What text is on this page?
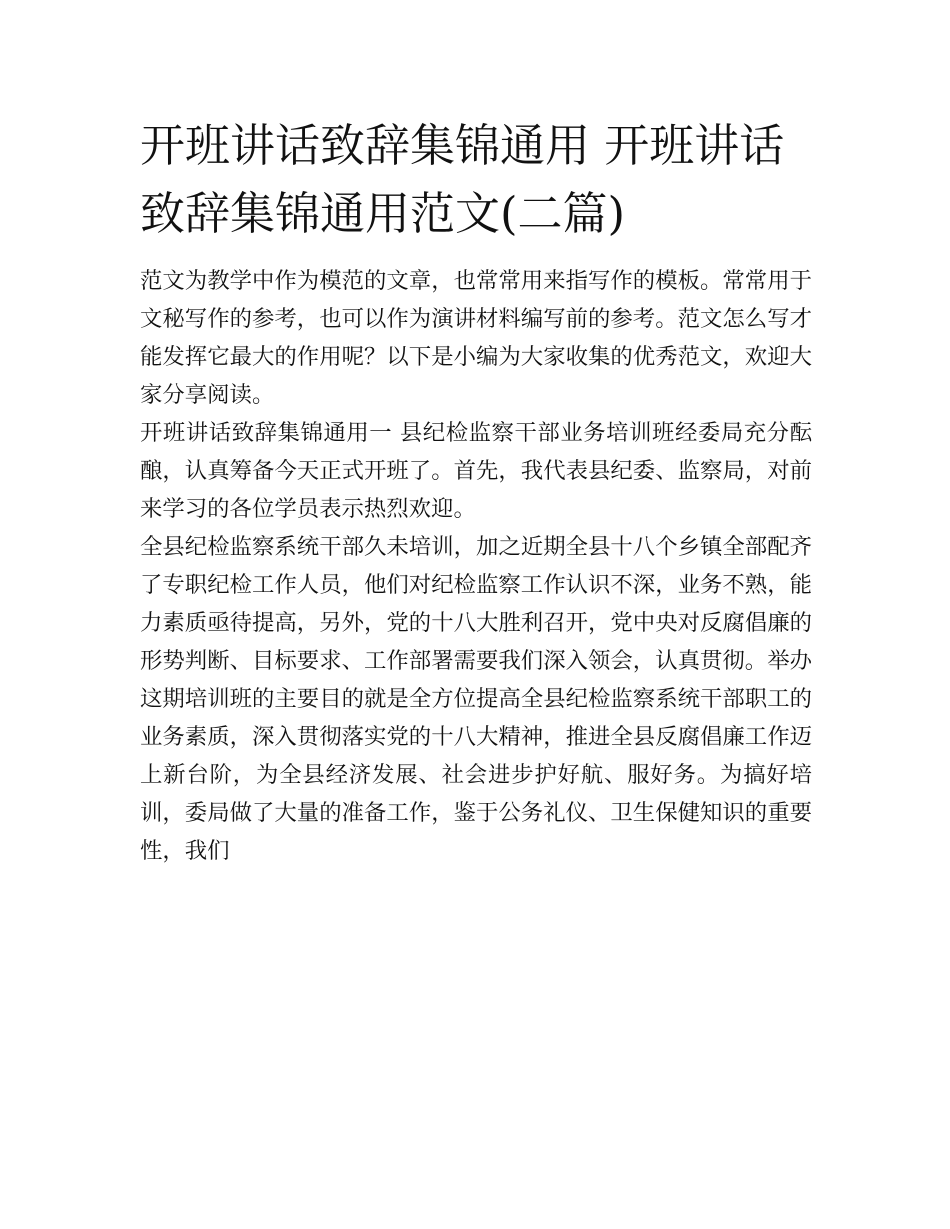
开班讲话致辞集锦通用 开班讲话致辞集锦通用范文(二篇)

范文为教学中作为模范的文章，也常常用来指写作的模板。常常用于文秘写作的参考，也可以作为演讲材料编写前的参考。范文怎么写才能发挥它最大的作用呢？以下是小编为大家收集的优秀范文，欢迎大家分享阅读。

开班讲话致辞集锦通用一 县纪检监察干部业务培训班经委局充分酝酿，认真筹备今天正式开班了。首先，我代表县纪委、监察局，对前来学习的各位学员表示热烈欢迎。

全县纪检监察系统干部久未培训，加之近期全县十八个乡镇全部配齐了专职纪检工作人员，他们对纪检监察工作认识不深，业务不熟，能力素质亟待提高，另外，党的十八大胜利召开，党中央对反腐倡廉的形势判断、目标要求、工作部署需要我们深入领会，认真贯彻。举办这期培训班的主要目的就是全方位提高全县纪检监察系统干部职工的业务素质，深入贯彻落实党的十八大精神，推进全县反腐倡廉工作迈上新台阶，为全县经济发展、社会进步护好航、服好务。为搞好培训，委局做了大量的准备工作，鉴于公务礼仪、卫生保健知识的重要性，我们
